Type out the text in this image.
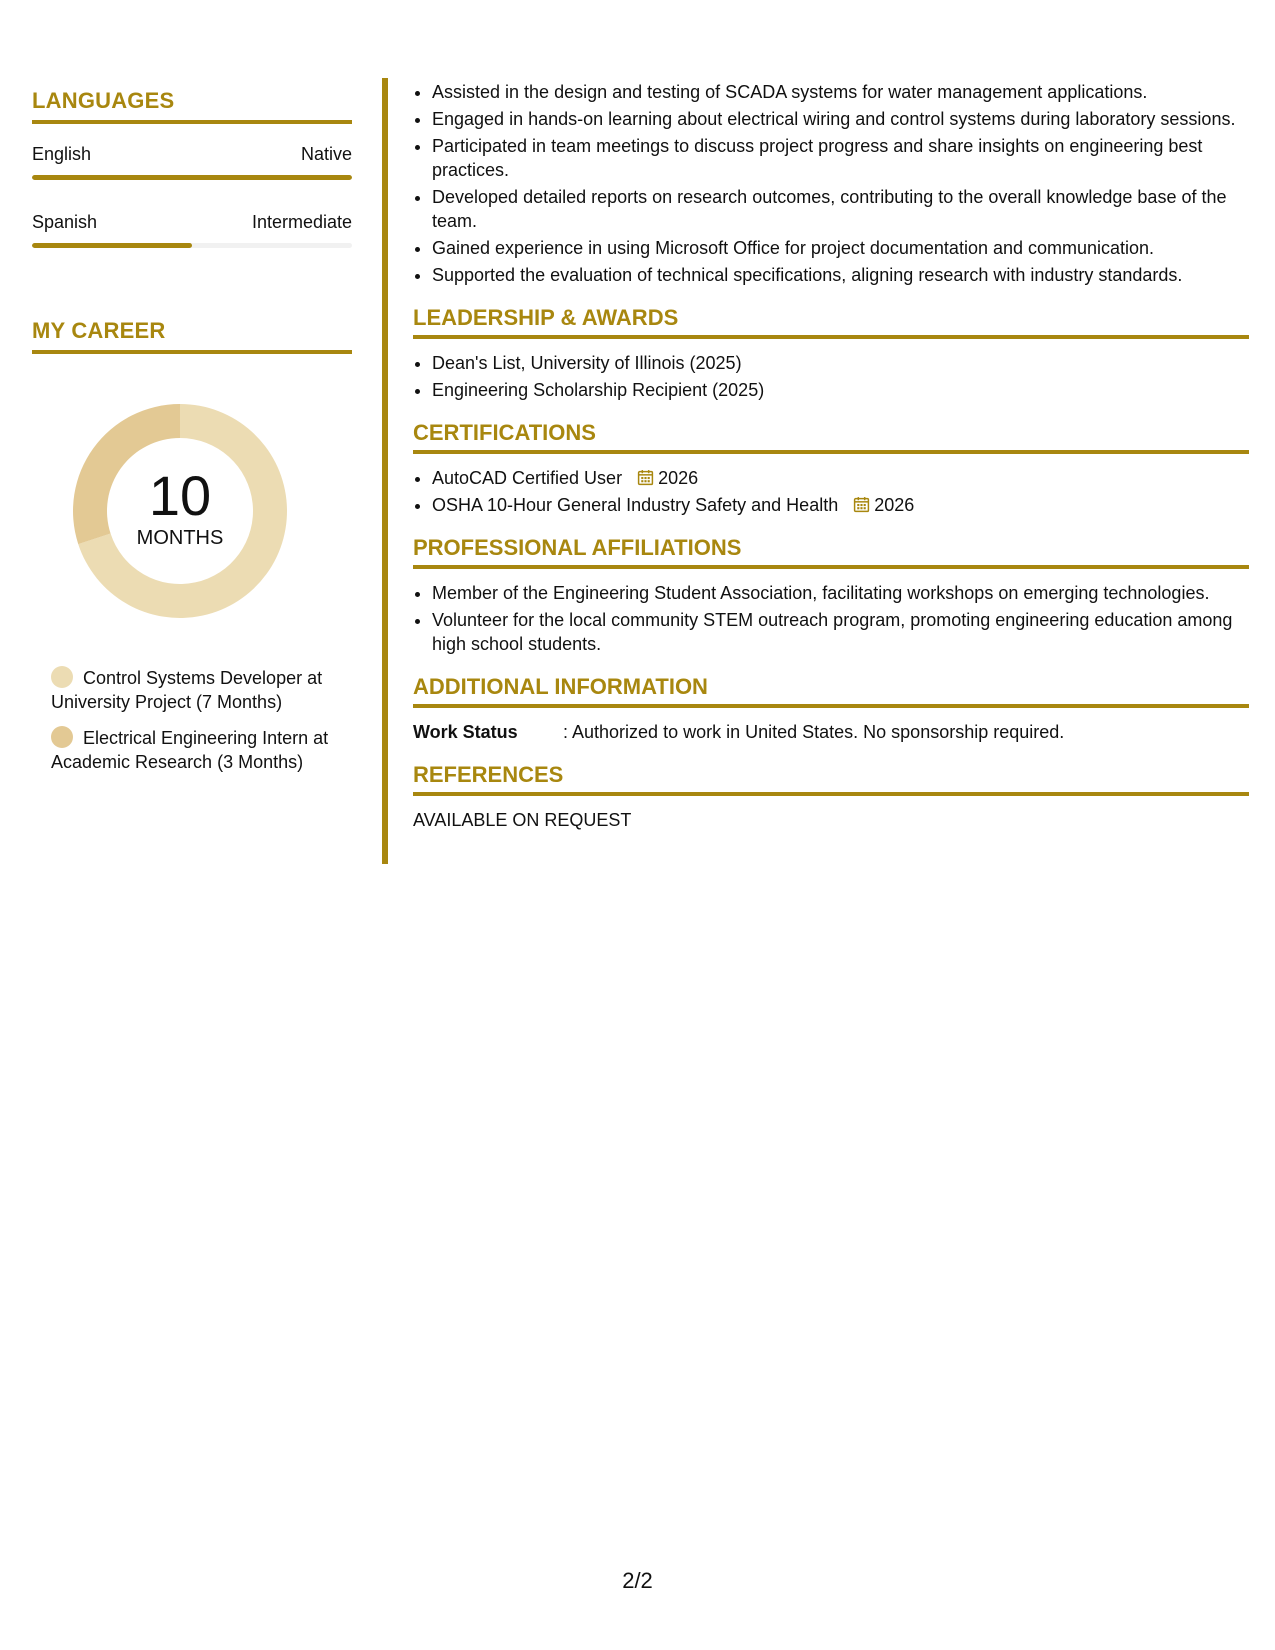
LANGUAGES
English	Native
Spanish	Intermediate
MY CAREER
10
MONTHS
Control Systems Developer at University Project (7 Months)
Electrical Engineering Intern at Academic Research (3 Months)
• Assisted in the design and testing of SCADA systems for water management applications.
• Engaged in hands-on learning about electrical wiring and control systems during laboratory sessions.
• Participated in team meetings to discuss project progress and share insights on engineering best practices.
• Developed detailed reports on research outcomes, contributing to the overall knowledge base of the team.
• Gained experience in using Microsoft Office for project documentation and communication.
• Supported the evaluation of technical specifications, aligning research with industry standards.
LEADERSHIP & AWARDS
• Dean's List, University of Illinois (2025)
• Engineering Scholarship Recipient (2025)
CERTIFICATIONS
• AutoCAD Certified User 2026
• OSHA 10-Hour General Industry Safety and Health 2026
PROFESSIONAL AFFILIATIONS
• Member of the Engineering Student Association, facilitating workshops on emerging technologies.
• Volunteer for the local community STEM outreach program, promoting engineering education among high school students.
ADDITIONAL INFORMATION
Work Status	: Authorized to work in United States. No sponsorship required.
REFERENCES
AVAILABLE ON REQUEST
2/2
